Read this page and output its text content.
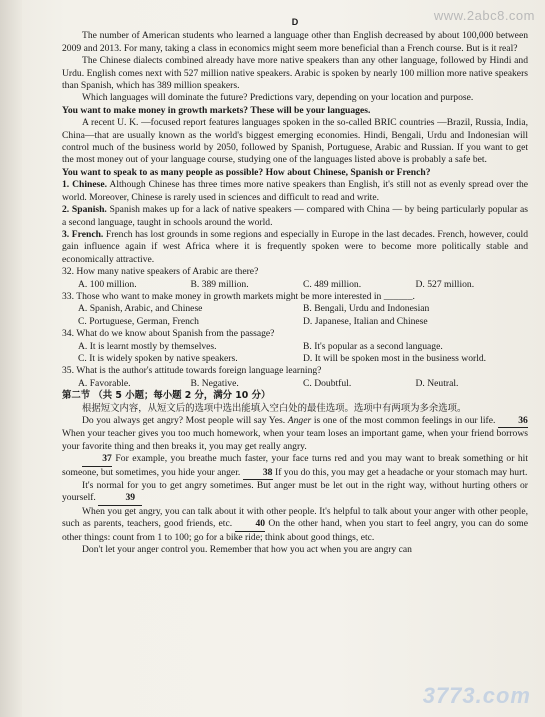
www.2abc8.com

D

The number of American students who learned a language other than English decreased by about 100,000 between 2009 and 2013. For many, taking a class in economics might seem more beneficial than a French course. But is it real?

The Chinese dialects combined already have more native speakers than any other language, followed by Hindi and Urdu. English comes next with 527 million native speakers. Arabic is spoken by nearly 100 million more native speakers than Spanish, which has 389 million speakers.

Which languages will dominate the future? Predictions vary, depending on your location and purpose.

You want to make money in growth markets? These will be your languages.

A recent U. K. —focused report features languages spoken in the so-called BRIC countries —Brazil, Russia, India, China—that are usually known as the world's biggest emerging economies. Hindi, Bengali, Urdu and Indonesian will control much of the business world by 2050, followed by Spanish, Portuguese, Arabic and Russian. If you want to get the most money out of your language course, studying one of the languages listed above is probably a safe bet.

You want to speak to as many people as possible? How about Chinese, Spanish or French?

1. Chinese. Although Chinese has three times more native speakers than English, it's still not as evenly spread over the world. Moreover, Chinese is rarely used in sciences and difficult to read and write.

2. Spanish. Spanish makes up for a lack of native speakers — compared with China — by being particularly popular as a second language, taught in schools around the world.

3. French. French has lost grounds in some regions and especially in Europe in the last decades. French, however, could gain influence again if west Africa where it is frequently spoken were to become more politically stable and economically attractive.

32. How many native speakers of Arabic are there?

A. 100 million.	B. 389 million.	C. 489 million.	D. 527 million.

33. Those who want to make money in growth markets might be more interested in ______.

A. Spanish, Arabic, and Chinese	B. Bengali, Urdu and Indonesian
C. Portuguese, German, French	D. Japanese, Italian and Chinese

34. What do we know about Spanish from the passage?

A. It is learnt mostly by themselves.	B. It's popular as a second language.
C. It is widely spoken by native speakers.	D. It will be spoken most in the business world.

35. What is the author's attitude towards foreign language learning?

A. Favorable.	B. Negative.	C. Doubtful.	D. Neutral.

第二节 （共 5 小题；每小题 2 分，满分 10 分）

根据短文内容，从短文后的选项中选出能填入空白处的最佳选项。选项中有两项为多余选项。

Do you always get angry? Most people will say Yes. Anger is one of the most common feelings in our life. 36 When your teacher gives you too much homework, when your team loses an important game, when your friend borrows your favorite thing and then breaks it, you may get really angry.

37 For example, you breathe much faster, your face turns red and you may want to break something or hit someone, but sometimes, you hide your anger. 38 If you do this, you may get a headache or your stomach may hurt.

It's normal for you to get angry sometimes. But anger must be let out in the right way, without hurting others or yourself.	39

When you get angry, you can talk about it with other people. It's helpful to talk about your anger with other people, such as parents, teachers, good friends, etc. 40 On the other hand, when you start to feel angry, you can do some other things: count from 1 to 100; go for a bike ride; think about good things, etc.

Don't let your anger control you. Remember that how you act when you are angry can

3773.com
